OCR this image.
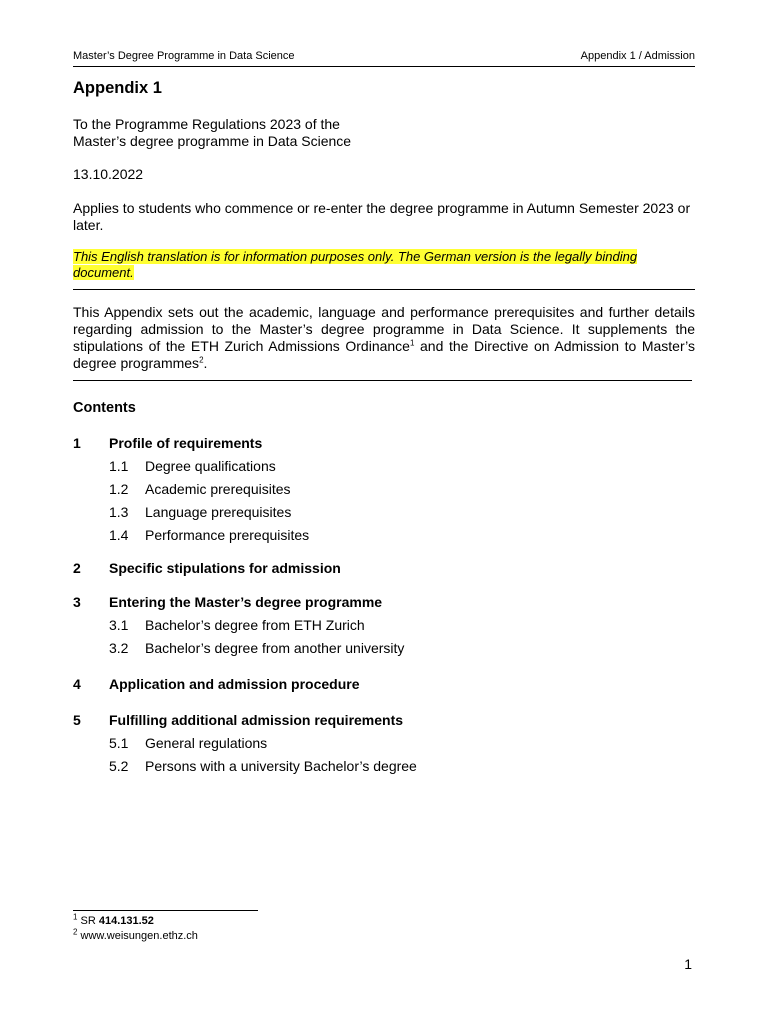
Master’s Degree Programme in Data Science	Appendix 1 / Admission
Appendix 1
To the Programme Regulations 2023 of the
Master’s degree programme in Data Science
13.10.2022
Applies to students who commence or re-enter the degree programme in Autumn Semester 2023 or later.
This English translation is for information purposes only. The German version is the legally binding document.
This Appendix sets out the academic, language and performance prerequisites and further details regarding admission to the Master’s degree programme in Data Science. It supplements the stipulations of the ETH Zurich Admissions Ordinance$^1$ and the Directive on Admission to Master’s degree programmes$^2$.
Contents
1 Profile of requirements
1.1 Degree qualifications
1.2 Academic prerequisites
1.3 Language prerequisites
1.4 Performance prerequisites
2 Specific stipulations for admission
3 Entering the Master’s degree programme
3.1 Bachelor’s degree from ETH Zurich
3.2 Bachelor’s degree from another university
4 Application and admission procedure
5 Fulfilling additional admission requirements
5.1 General regulations
5.2 Persons with a university Bachelor’s degree
$^1$ SR 414.131.52
$^2$ www.weisungen.ethz.ch
1
